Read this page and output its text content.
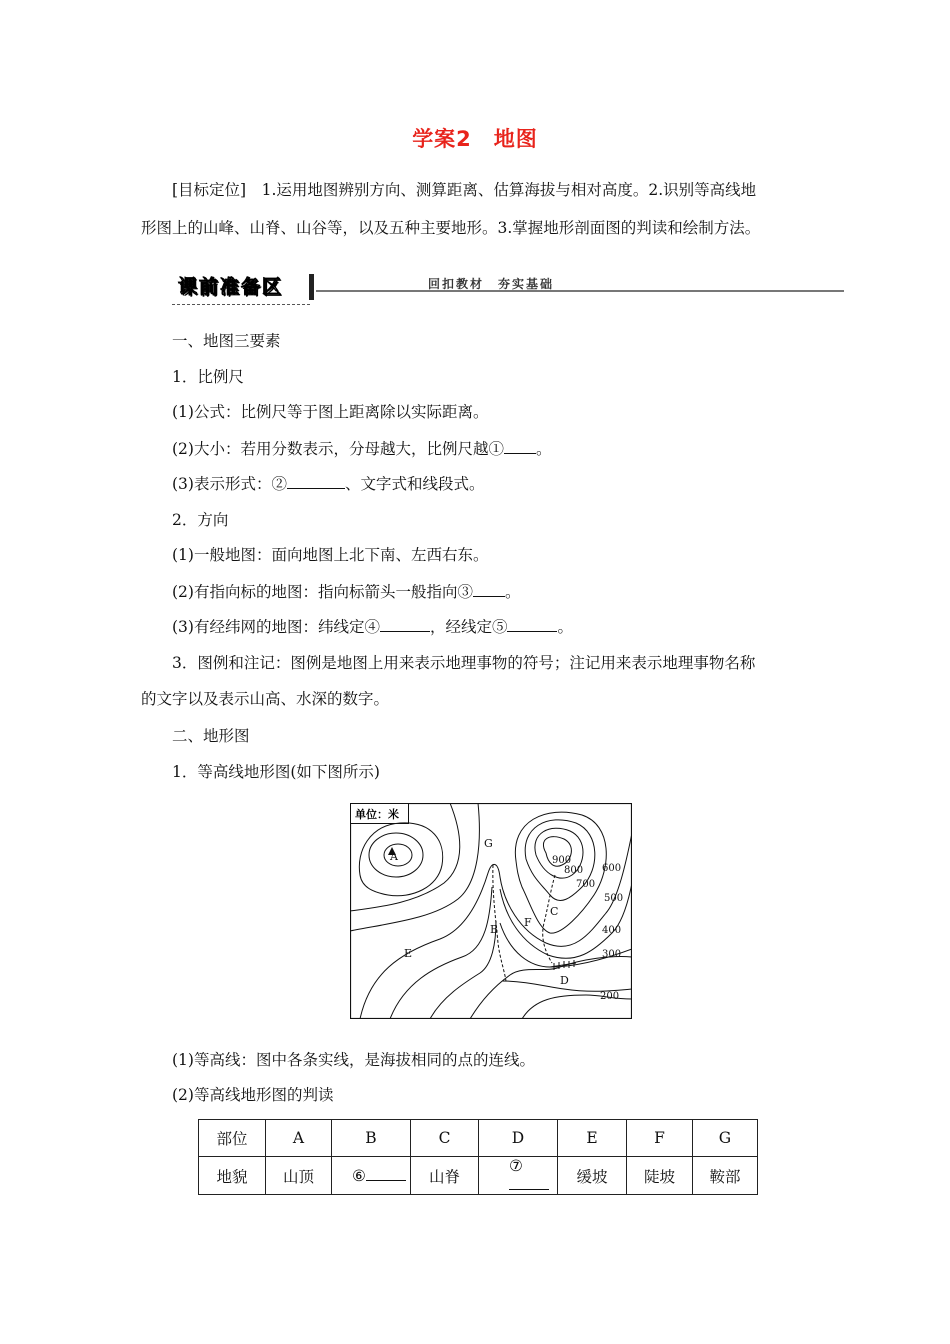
学案2　地图
[目标定位]　1.运用地图辨别方向、测算距离、估算海拔与相对高度。2.识别等高线地
形图上的山峰、山脊、山谷等，以及五种主要地形。3.掌握地形剖面图的判读和绘制方法。
课前准备区	回扣教材　夯实基础
一、地图三要素
1．比例尺
(1)公式：比例尺等于图上距离除以实际距离。
(2)大小：若用分数表示，分母越大，比例尺越① 。
(3)表示形式：②	、文字式和线段式。
2．方向
(1)一般地图：面向地图上北下南、左西右东。
(2)有指向标的地图：指向标箭头一般指向③ 。
(3)有经纬网的地图：纬线定④	，经线定⑤	。
3．图例和注记：图例是地图上用来表示地理事物的符号；注记用来表示地理事物名称
的文字以及表示山高、水深的数字。
二、地形图
1．等高线地形图(如下图所示)
单位：米
A
B
C
D
E
F
G
900
800
700
600
500
400
300
200
(1)等高线：图中各条实线，是海拔相同的点的连线。
(2)等高线地形图的判读
部位	A	B	C	D	E	F	G
地貌	山顶	⑥	山脊	⑦	缓坡	陡坡	鞍部
